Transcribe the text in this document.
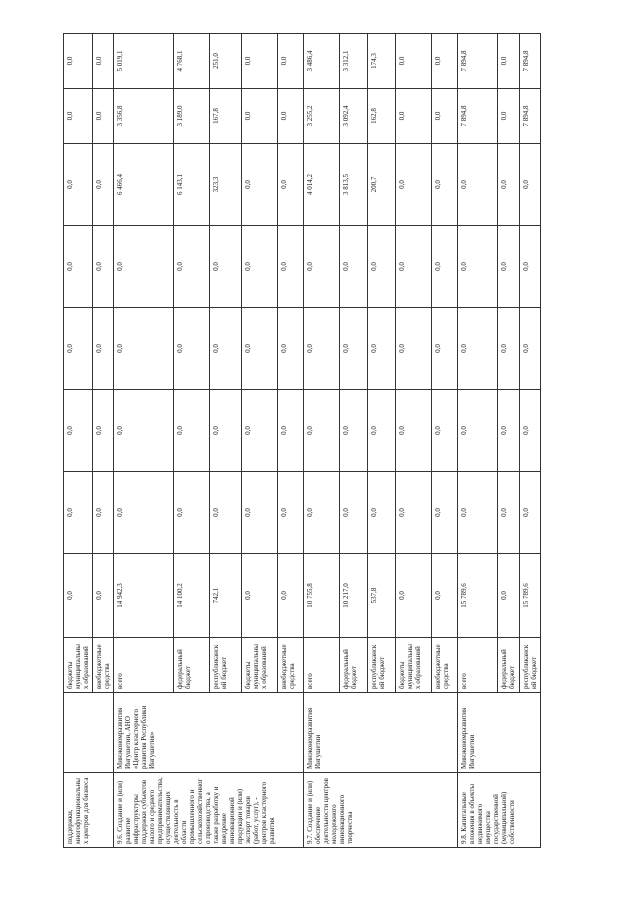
поддержки, многофункциональных центров для бизнеса		бюджеты муниципальных образований	0,0	0,0	0,0	0,0	0,0	0,0	0,0	0,0
		внебюджетные средства	0,0	0,0	0,0	0,0	0,0	0,0	0,0	0,0
9.6. Создание и (или) развитие инфраструктуры поддержки субъектов малого и среднего предпринимательства, осуществляющих деятельность в области промышленного и сельскохозяйственного производства, а также разработку и внедрение инновационной продукции и (или) экспорт товаров (работ, услуг), - центров кластерного развития	Минэкономразвития Ингушетии, АНО «Центр кластерного развития Республики Ингушетия»	всего	14 942,3	0,0	0,0	0,0	0,0	6 466,4	3 356,8	5 019,1
		федеральный бюджет	14 100,2	0,0	0,0	0,0	0,0	6 143,1	3 189,0	4 768,1
		республиканский бюджет	742,1	0,0	0,0	0,0	0,0	323,3	167,8	251,0
		бюджеты муниципальных образований	0,0	0,0	0,0	0,0	0,0	0,0	0,0	0,0
		внебюджетные средства	0,0	0,0	0,0	0,0	0,0	0,0	0,0	0,0
9.7. Создание и (или) обеспечение деятельности центров молодежного инновационного творчества	Минэкономразвития Ингушетии	всего	10 755,8	0,0	0,0	0,0	0,0	4 014,2	3 255,2	3 486,4
		федеральный бюджет	10 217,0	0,0	0,0	0,0	0,0	3 813,5	3 092,4	3 312,1
		республиканский бюджет	537,8	0,0	0,0	0,0	0,0	200,7	162,8	174,3
		бюджеты муниципальных образований	0,0	0,0	0,0	0,0	0,0	0,0	0,0	0,0
		внебюджетные средства	0,0	0,0	0,0	0,0	0,0	0,0	0,0	0,0
9.8. Капитальные вложения в объекты недвижимого имущества государственной (муниципальной) собственности	Минэкономразвития Ингушетии	всего	15 789,6	0,0	0,0	0,0	0,0	0,0	7 894,8	7 894,8
		федеральный бюджет	0,0	0,0	0,0	0,0	0,0	0,0	0,0	0,0
		республиканский бюджет	15 789,6	0,0	0,0	0,0	0,0	0,0	7 894,8	7 894,8
